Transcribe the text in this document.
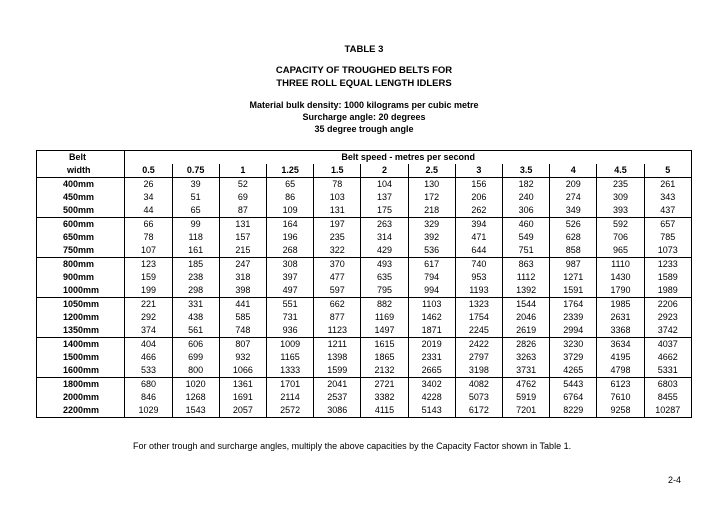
TABLE 3
CAPACITY OF TROUGHED BELTS FOR
THREE ROLL EQUAL LENGTH IDLERS
Material bulk density: 1000 kilograms per cubic metre
Surcharge angle: 20 degrees
35 degree trough angle
Belt	Belt speed - metres per second											
width	0.5	0.75	1	1.25	1.5	2	2.5	3	3.5	4	4.5	5
400mm	26	39	52	65	78	104	130	156	182	209	235	261
450mm	34	51	69	86	103	137	172	206	240	274	309	343
500mm	44	65	87	109	131	175	218	262	306	349	393	437
600mm	66	99	131	164	197	263	329	394	460	526	592	657
650mm	78	118	157	196	235	314	392	471	549	628	706	785
750mm	107	161	215	268	322	429	536	644	751	858	965	1073
800mm	123	185	247	308	370	493	617	740	863	987	1110	1233
900mm	159	238	318	397	477	635	794	953	1112	1271	1430	1589
1000mm	199	298	398	497	597	795	994	1193	1392	1591	1790	1989
1050mm	221	331	441	551	662	882	1103	1323	1544	1764	1985	2206
1200mm	292	438	585	731	877	1169	1462	1754	2046	2339	2631	2923
1350mm	374	561	748	936	1123	1497	1871	2245	2619	2994	3368	3742
1400mm	404	606	807	1009	1211	1615	2019	2422	2826	3230	3634	4037
1500mm	466	699	932	1165	1398	1865	2331	2797	3263	3729	4195	4662
1600mm	533	800	1066	1333	1599	2132	2665	3198	3731	4265	4798	5331
1800mm	680	1020	1361	1701	2041	2721	3402	4082	4762	5443	6123	6803
2000mm	846	1268	1691	2114	2537	3382	4228	5073	5919	6764	7610	8455
2200mm	1029	1543	2057	2572	3086	4115	5143	6172	7201	8229	9258	10287
For other trough and surcharge angles, multiply the above capacities by the Capacity Factor shown in Table 1.
2-4
